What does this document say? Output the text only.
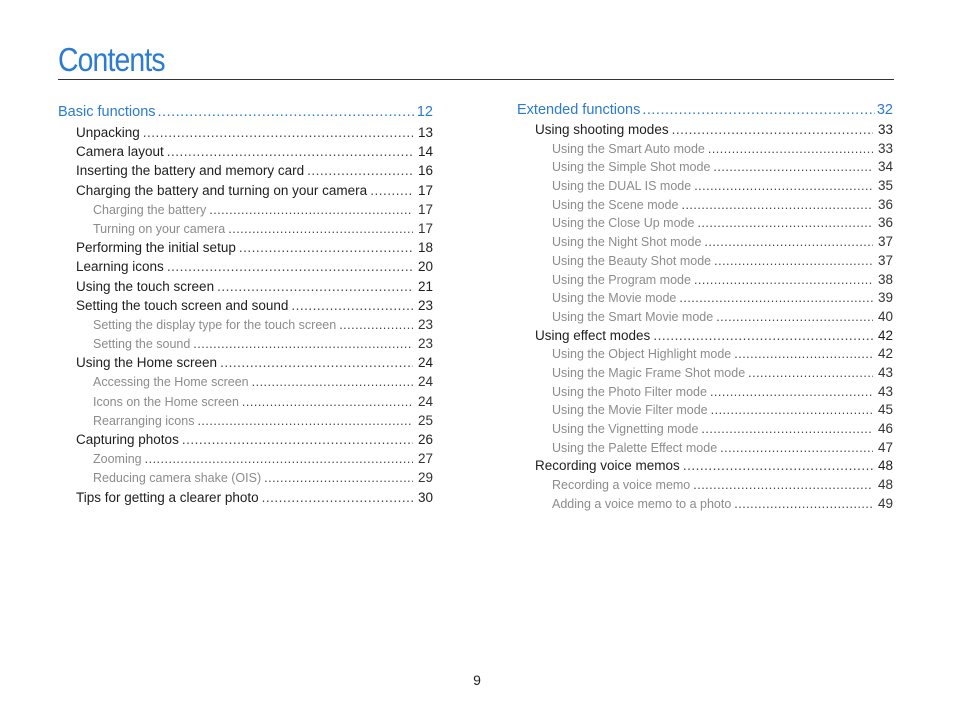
Contents
Basic functions .....	12
Unpacking .....	13
Camera layout .....	14
Inserting the battery and memory card .....	16
Charging the battery and turning on your camera .....	17
Charging the battery .....	17
Turning on your camera .....	17
Performing the initial setup .....	18
Learning icons .....	20
Using the touch screen .....	21
Setting the touch screen and sound .....	23
Setting the display type for the touch screen .....	23
Setting the sound .....	23
Using the Home screen .....	24
Accessing the Home screen .....	24
Icons on the Home screen .....	24
Rearranging icons .....	25
Capturing photos .....	26
Zooming .....	27
Reducing camera shake (OIS) .....	29
Tips for getting a clearer photo .....	30
Extended functions .....	32
Using shooting modes .....	33
Using the Smart Auto mode .....	33
Using the Simple Shot mode .....	34
Using the DUAL IS mode .....	35
Using the Scene mode .....	36
Using the Close Up mode .....	36
Using the Night Shot mode .....	37
Using the Beauty Shot mode .....	37
Using the Program mode .....	38
Using the Movie mode .....	39
Using the Smart Movie mode .....	40
Using effect modes .....	42
Using the Object Highlight mode .....	42
Using the Magic Frame Shot mode .....	43
Using the Photo Filter mode .....	43
Using the Movie Filter mode .....	45
Using the Vignetting mode .....	46
Using the Palette Effect mode .....	47
Recording voice memos .....	48
Recording a voice memo .....	48
Adding a voice memo to a photo .....	49
9
